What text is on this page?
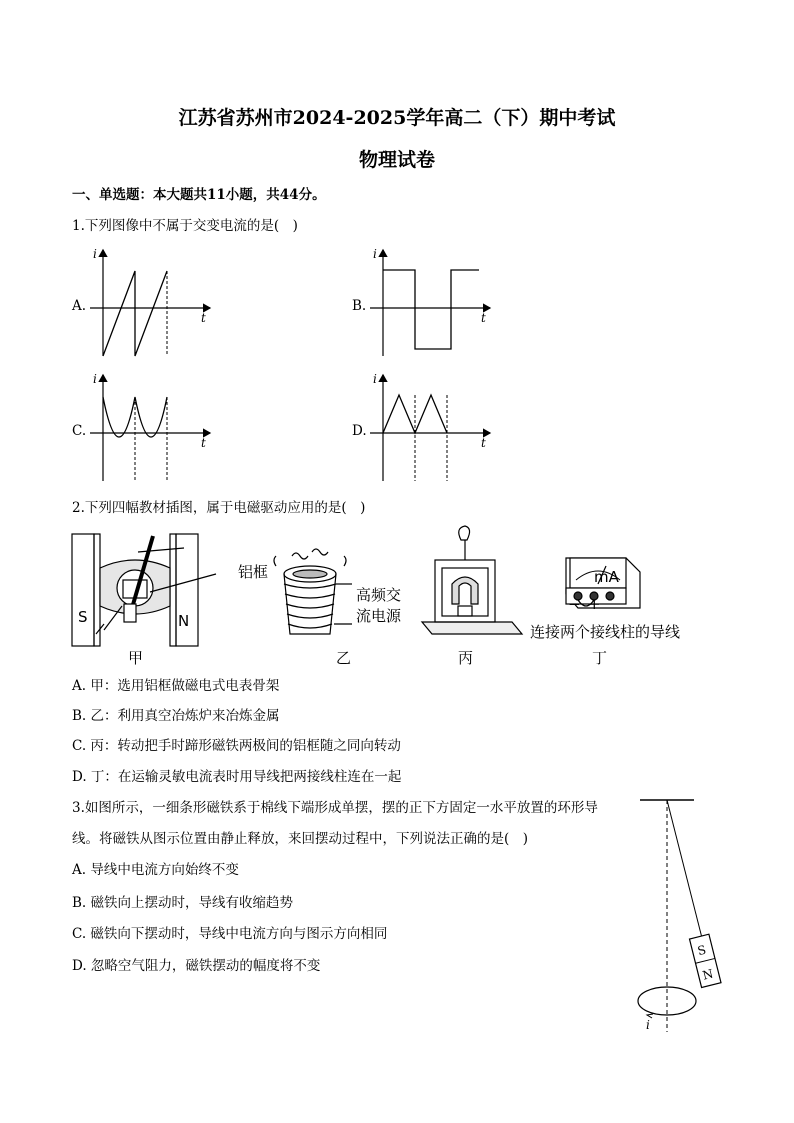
江苏省苏州市2024-2025学年高二（下）期中考试
物理试卷
一、单选题：本大题共11小题，共44分。
1.下列图像中不属于交变电流的是(　)
A.	B.
C.	D.
i
t
i
t
i
t
i
t
2.下列四幅教材插图，属于电磁驱动应用的是(　)
S	N
铝框
甲
高频交
流电源
乙	丙
mA
− +
连接两个接线柱的导线
丁
A. 甲：选用铝框做磁电式电表骨架
B. 乙：利用真空冶炼炉来冶炼金属
C. 丙：转动把手时蹄形磁铁两极间的铝框随之同向转动
D. 丁：在运输灵敏电流表时用导线把两接线柱连在一起
3.如图所示，一细条形磁铁系于棉线下端形成单摆，摆的正下方固定一水平放置的环形导
线。将磁铁从图示位置由静止释放，来回摆动过程中，下列说法正确的是(　)
A. 导线中电流方向始终不变
B. 磁铁向上摆动时，导线有收缩趋势
C. 磁铁向下摆动时，导线中电流方向与图示方向相同
D. 忽略空气阻力，磁铁摆动的幅度将不变
S
N
i
